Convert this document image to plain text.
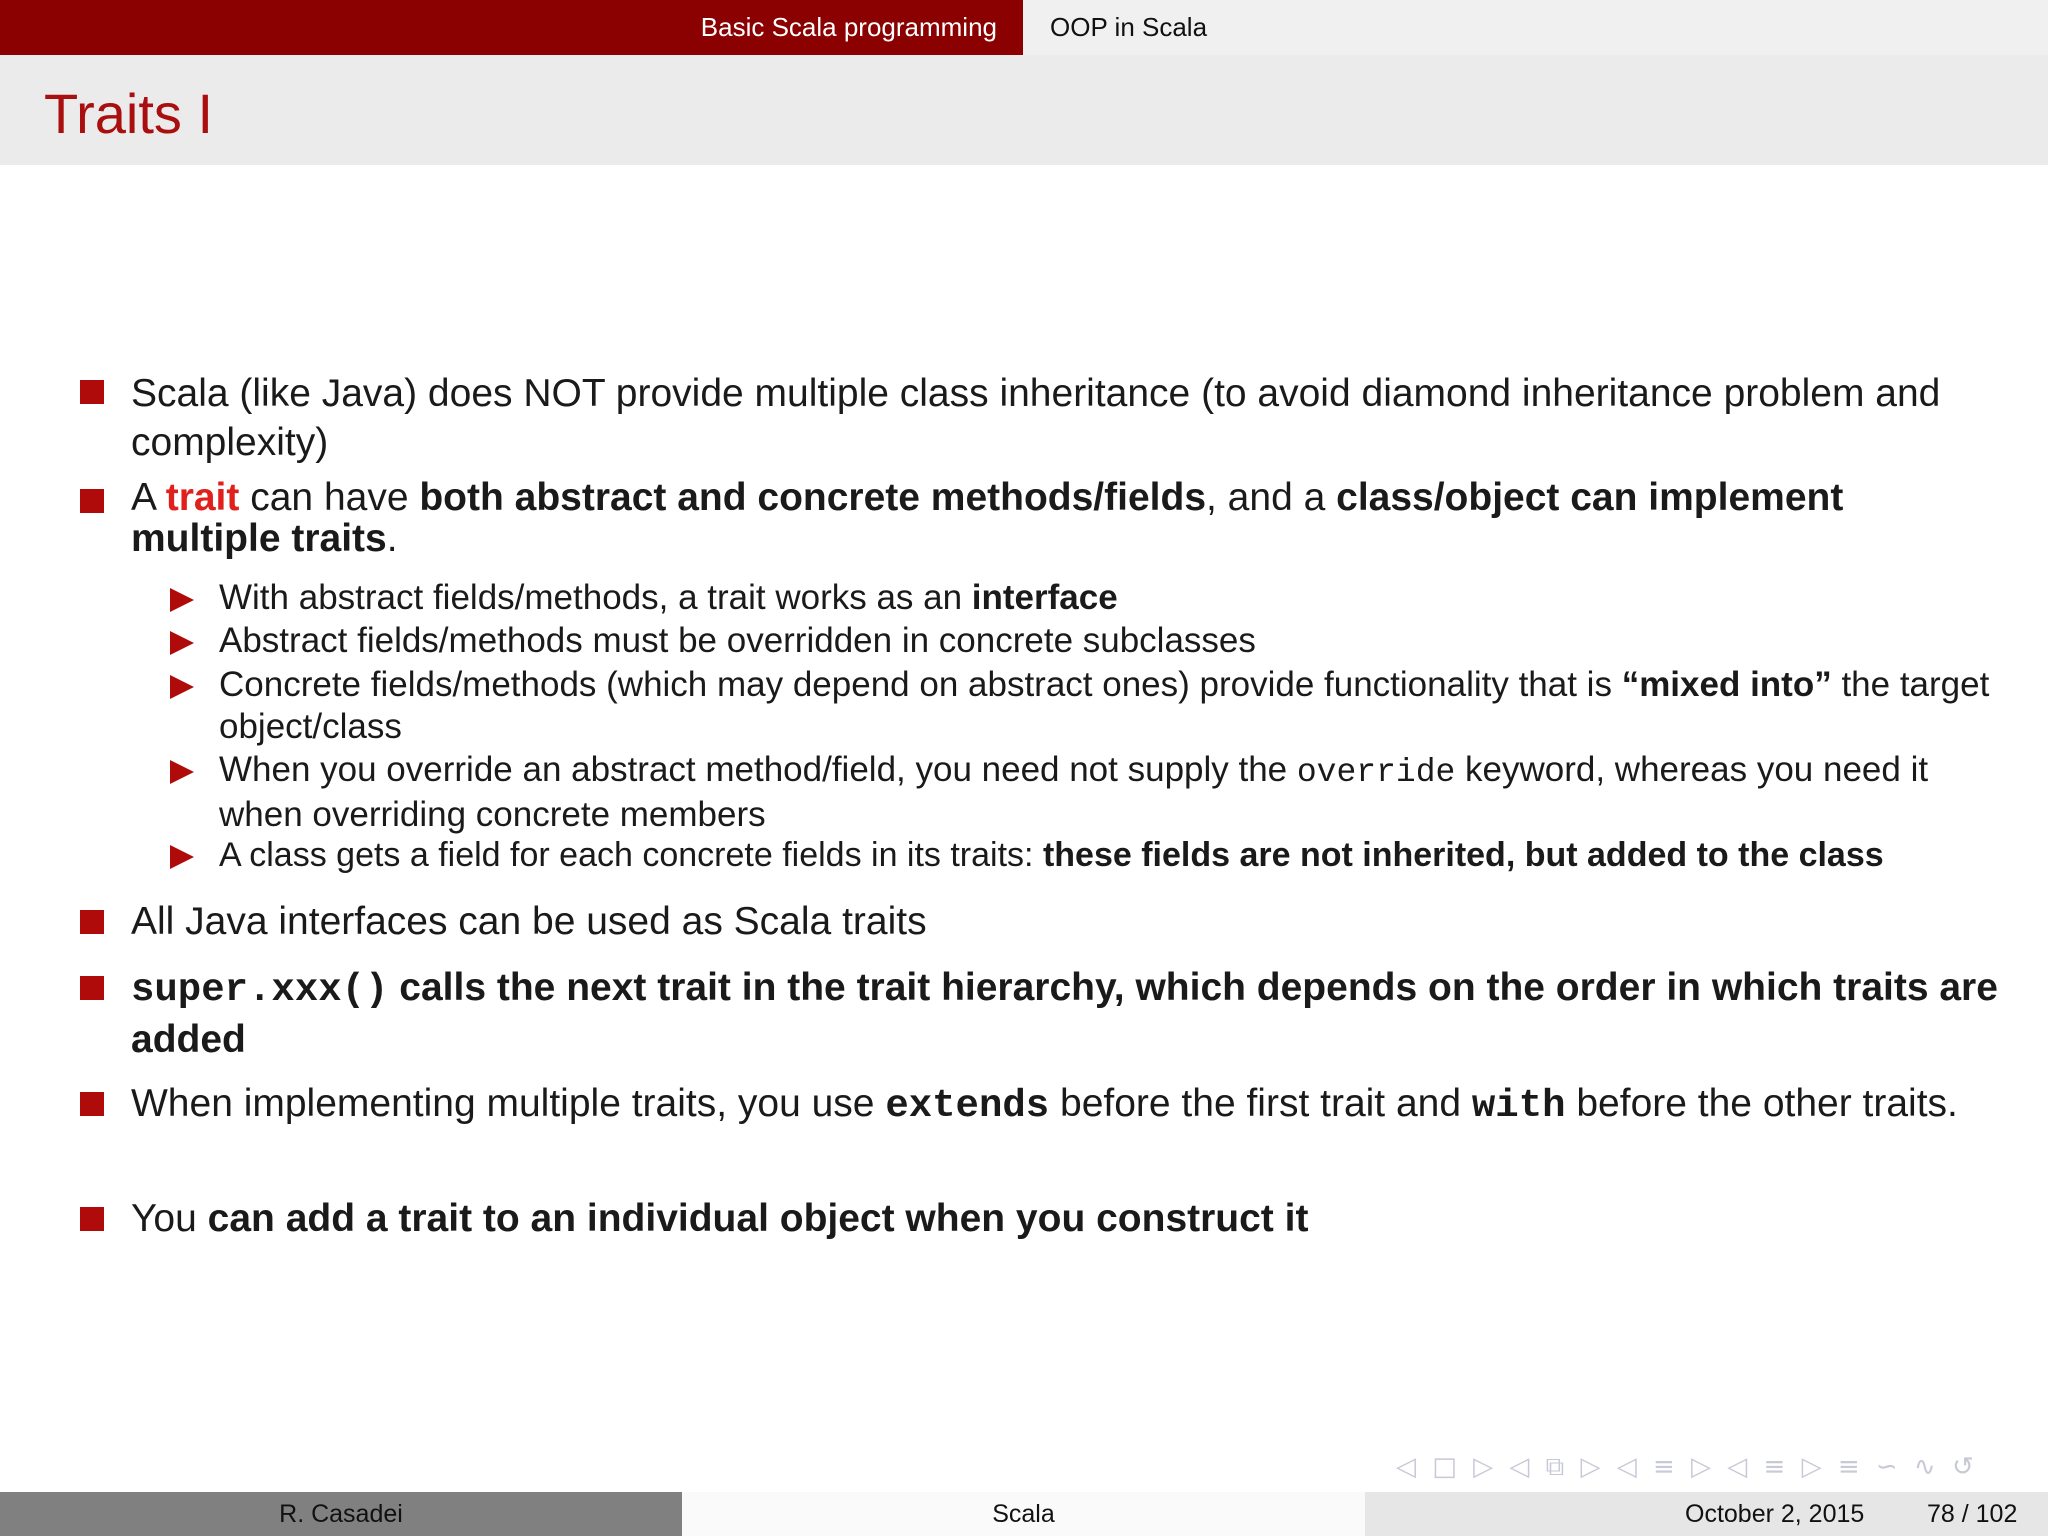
Basic Scala programming	OOP in Scala
Traits I
Scala (like Java) does NOT provide multiple class inheritance (to avoid diamond inheritance problem and complexity)
A trait can have both abstract and concrete methods/fields, and a class/object can implement multiple traits.
With abstract fields/methods, a trait works as an interface
Abstract fields/methods must be overridden in concrete subclasses
Concrete fields/methods (which may depend on abstract ones) provide functionality that is “mixed into” the target object/class
When you override an abstract method/field, you need not supply the override keyword, whereas you need it when overriding concrete members
A class gets a field for each concrete fields in its traits: these fields are not inherited, but added to the class
All Java interfaces can be used as Scala traits
super.xxx() calls the next trait in the trait hierarchy, which depends on the order in which traits are added
When implementing multiple traits, you use extends before the first trait and with before the other traits.
You can add a trait to an individual object when you construct it
◁ □ ▷ ◁ ⧉ ▷ ◁ ≡ ▷ ◁ ≡ ▷ ≡ ∽ ∿ ↺
R. Casadei	Scala	October 2, 2015	78 / 102
